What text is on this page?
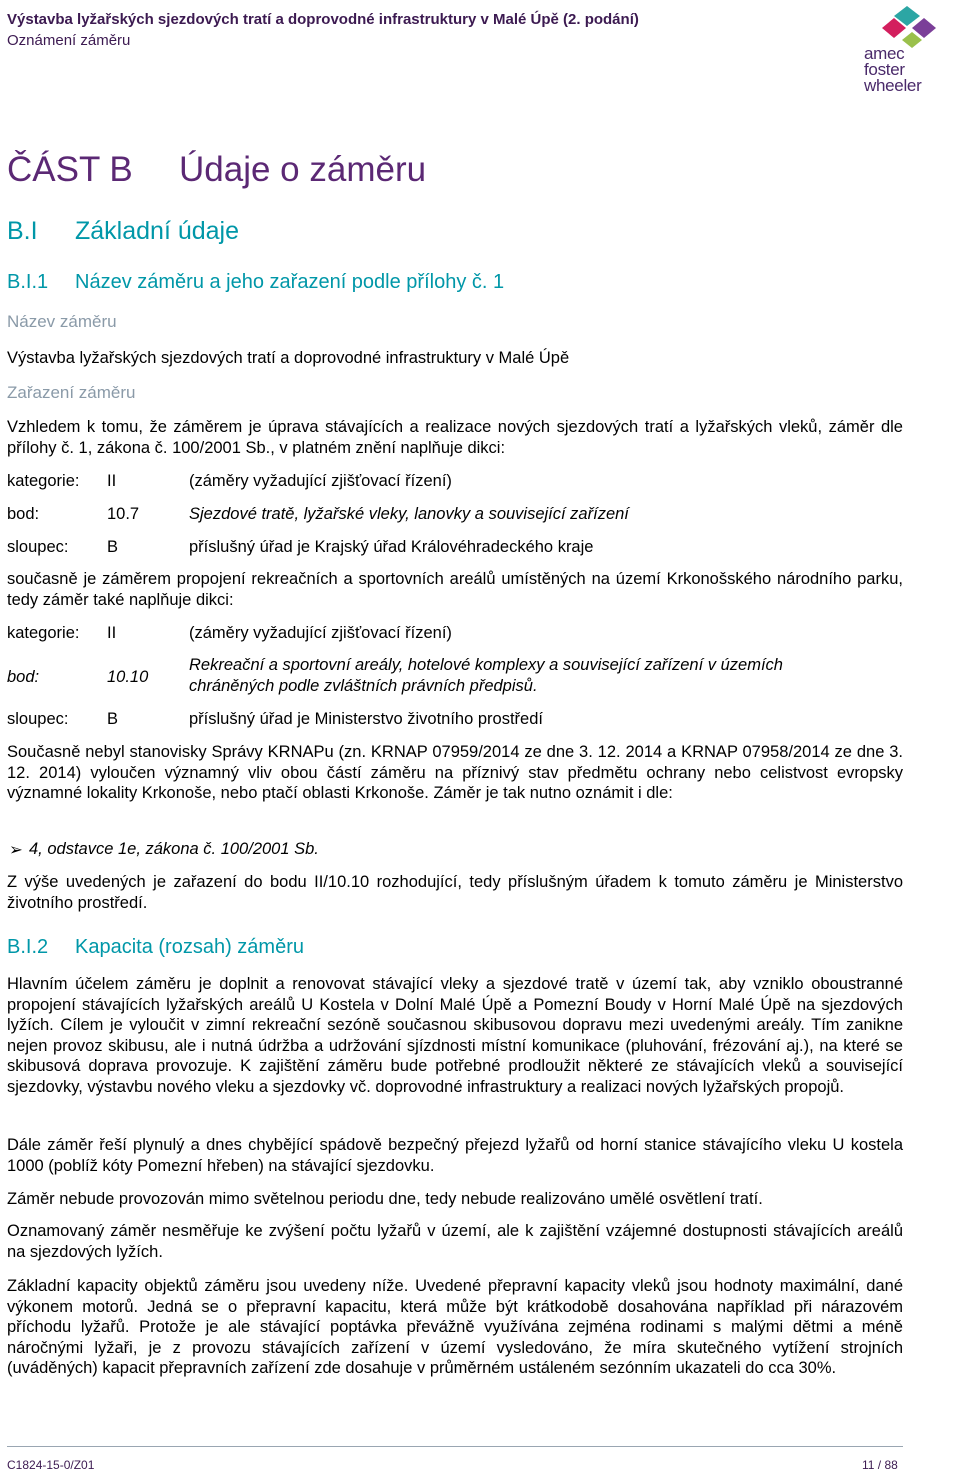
Výstavba lyžařských sjezdových tratí a doprovodné infrastruktury v Malé Úpě (2. podání)
Oznámení záměru
amec
foster
wheeler
ČÁST B Údaje o záměru
B.I Základní údaje
B.I.1 Název záměru a jeho zařazení podle přílohy č. 1
Název záměru
Výstavba lyžařských sjezdových tratí a doprovodné infrastruktury v Malé Úpě
Zařazení záměru
Vzhledem k tomu, že záměrem je úprava stávajících a realizace nových sjezdových tratí a lyžařských vleků, záměr dle přílohy č. 1, zákona č. 100/2001 Sb., v platném znění naplňuje dikci:
kategorie: II	(záměry vyžadující zjišťovací řízení)
bod:	10.7	Sjezdové tratě, lyžařské vleky, lanovky a související zařízení
sloupec: B	příslušný úřad je Krajský úřad Královéhradeckého kraje
současně je záměrem propojení rekreačních a sportovních areálů umístěných na území Krkonošského národního parku, tedy záměr také naplňuje dikci:
kategorie: II	(záměry vyžadující zjišťovací řízení)
bod:	10.10
Rekreační a sportovní areály, hotelové komplexy a související zařízení v územích
chráněných podle zvláštních právních předpisů.
sloupec: B	příslušný úřad je Ministerstvo životního prostředí
Současně nebyl stanovisky Správy KRNAPu (zn. KRNAP 07959/2014 ze dne 3. 12. 2014 a KRNAP 07958/2014 ze dne 3. 12. 2014) vyloučen významný vliv obou částí záměru na příznivý stav předmětu ochrany nebo celistvost evropsky významné lokality Krkonoše, nebo ptačí oblasti Krkonoše. Záměr je tak nutno oznámit i dle:
➢ 4, odstavce 1e, zákona č. 100/2001 Sb.
Z výše uvedených je zařazení do bodu II/10.10 rozhodující, tedy příslušným úřadem k tomuto záměru je Ministerstvo životního prostředí.
B.I.2 Kapacita (rozsah) záměru
Hlavním účelem záměru je doplnit a renovovat stávající vleky a sjezdové tratě v území tak, aby vzniklo oboustranné propojení stávajících lyžařských areálů U Kostela v Dolní Malé Úpě a Pomezní Boudy v Horní Malé Úpě na sjezdových lyžích. Cílem je vyloučit v zimní rekreační sezóně současnou skibusovou dopravu mezi uvedenými areály. Tím zanikne nejen provoz skibusu, ale i nutná údržba a udržování sjízdnosti místní komunikace (pluhování, frézování aj.), na které se skibusová doprava provozuje. K zajištění záměru bude potřebné prodloužit některé ze stávajících vleků a související sjezdovky, výstavbu nového vleku a sjezdovky vč. doprovodné infrastruktury a realizaci nových lyžařských propojů.
Dále záměr řeší plynulý a dnes chybějící spádově bezpečný přejezd lyžařů od horní stanice stávajícího vleku U kostela 1000 (poblíž kóty Pomezní hřeben) na stávající sjezdovku.
Záměr nebude provozován mimo světelnou periodu dne, tedy nebude realizováno umělé osvětlení tratí.
Oznamovaný záměr nesměřuje ke zvýšení počtu lyžařů v území, ale k zajištění vzájemné dostupnosti stávajících areálů na sjezdových lyžích.
Základní kapacity objektů záměru jsou uvedeny níže. Uvedené přepravní kapacity vleků jsou hodnoty maximální, dané výkonem motorů. Jedná se o přepravní kapacitu, která může být krátkodobě dosahována například při nárazovém příchodu lyžařů. Protože je ale stávající poptávka převážně využívána zejména rodinami s malými dětmi a méně náročnými lyžaři, je z provozu stávajících zařízení v území vysledováno, že míra skutečného vytížení strojních (uváděných) kapacit přepravních zařízení zde dosahuje v průměrném ustáleném sezónním ukazateli do cca 30%.
C1824-15-0/Z01	11 / 88
